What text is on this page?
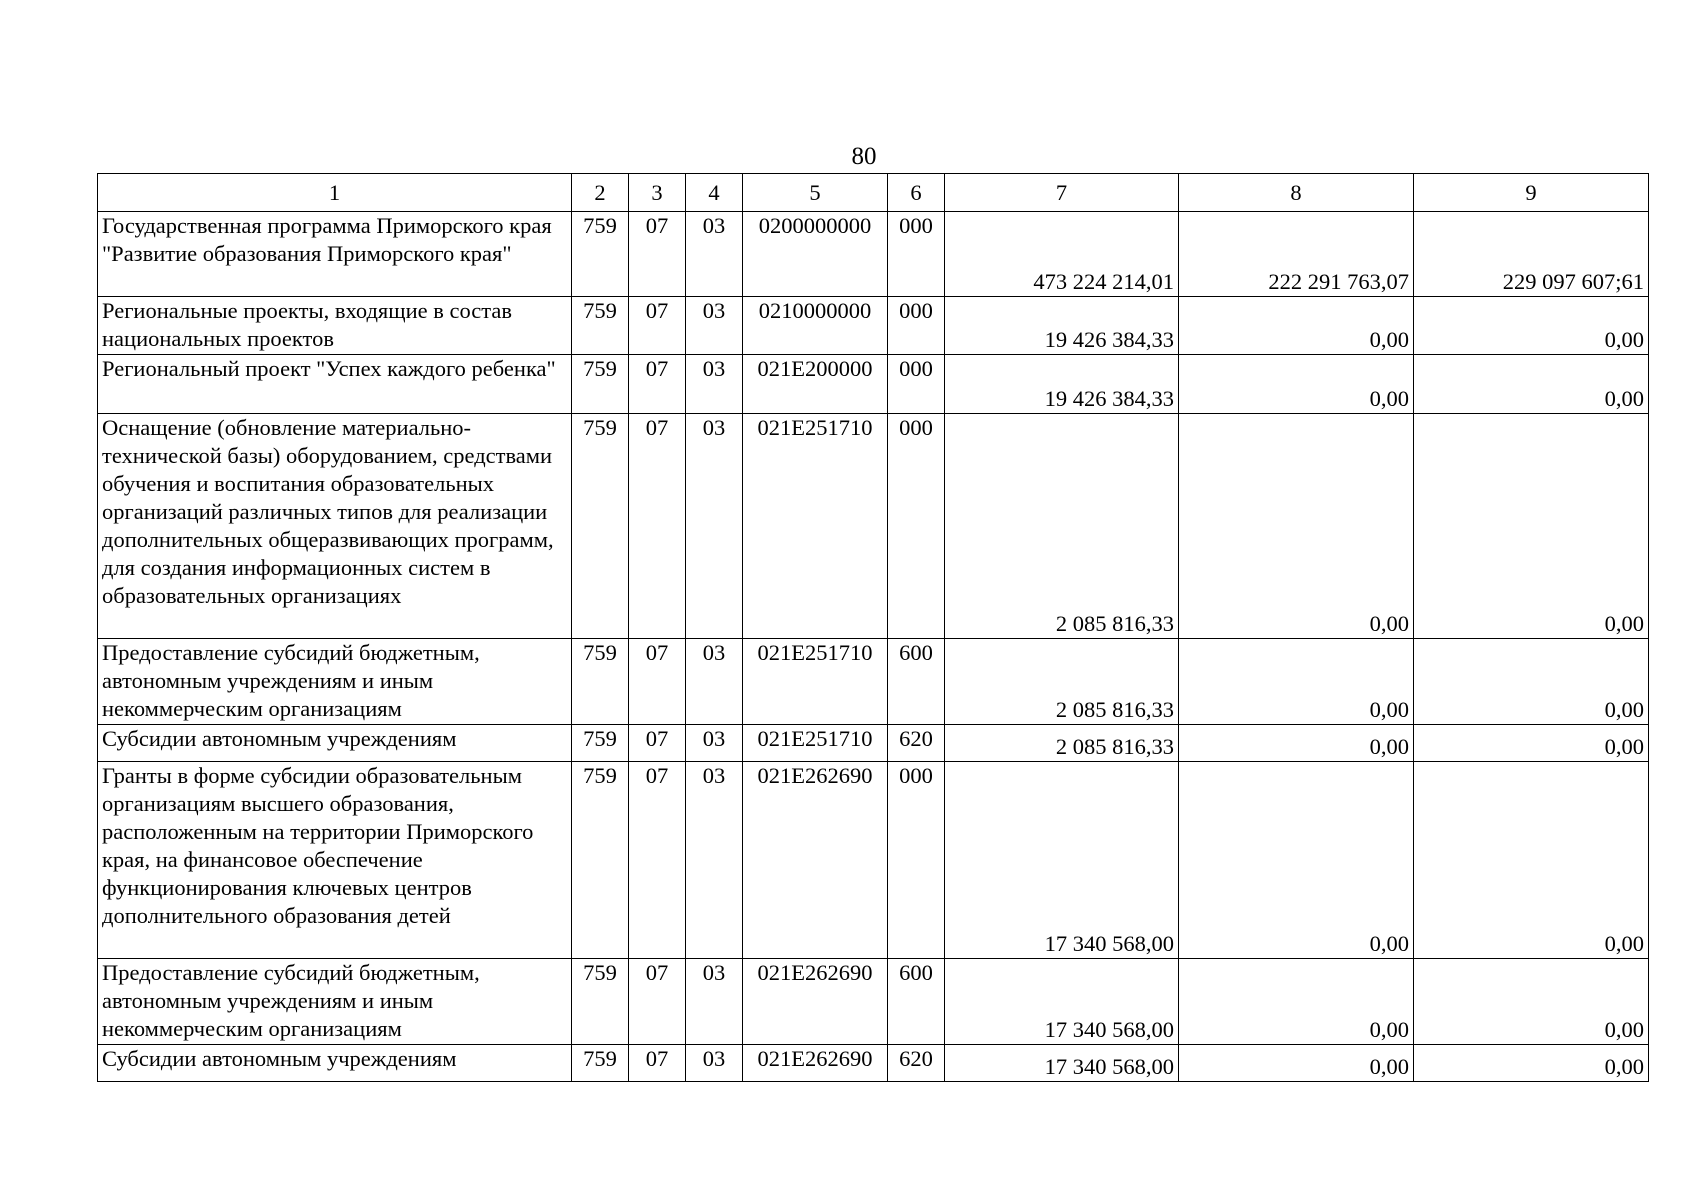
80
1	2	3	4	5	6	7	8	9
Государственная программа Приморского края "Развитие образования Приморского края"	759	07	03	0200000000	000	473 224 214,01	222 291 763,07	229 097 607;61
Региональные проекты, входящие в состав национальных проектов	759	07	03	0210000000	000	19 426 384,33	0,00	0,00
Региональный проект "Успех каждого ребенка"	759	07	03	021E200000	000	19 426 384,33	0,00	0,00
Оснащение (обновление материально-технической базы) оборудованием, средствами обучения и воспитания образовательных организаций различных типов для реализации дополнительных общеразвивающих программ, для создания информационных систем в образовательных организациях	759	07	03	021E251710	000	2 085 816,33	0,00	0,00
Предоставление субсидий бюджетным, автономным учреждениям и иным некоммерческим организациям	759	07	03	021E251710	600	2 085 816,33	0,00	0,00
Субсидии автономным учреждениям	759	07	03	021E251710	620	2 085 816,33	0,00	0,00
Гранты в форме субсидии образовательным организациям высшего образования, расположенным на территории Приморского края, на финансовое обеспечение функционирования ключевых центров дополнительного образования детей	759	07	03	021E262690	000	17 340 568,00	0,00	0,00
Предоставление субсидий бюджетным, автономным учреждениям и иным некоммерческим организациям	759	07	03	021E262690	600	17 340 568,00	0,00	0,00
Субсидии автономным учреждениям	759	07	03	021E262690	620	17 340 568,00	0,00	0,00
